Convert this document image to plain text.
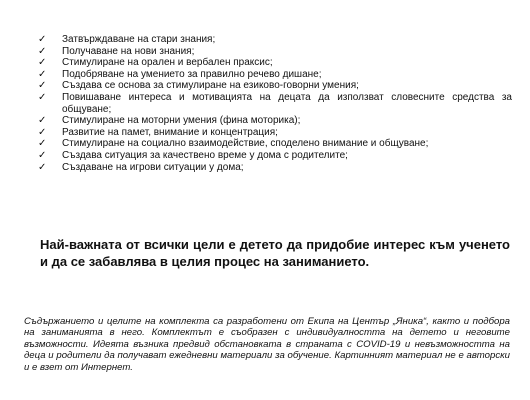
✓ Затвърждаване на стари знания;
✓ Получаване на нови знания;
✓ Стимулиране на орален и вербален праксис;
✓ Подобряване на умението за правилно речево дишане;
✓ Създава се основа за стимулиране на езиково-говорни умения;
✓ Повишаване интереса и мотивацията на децата да използват словесните средства за общуване;
✓ Стимулиране на моторни умения (фина моторика);
✓ Развитие на памет, внимание и концентрация;
✓ Стимулиране на социално взаимодействие, споделено внимание и общуване;
✓ Създава ситуация за качествено време у дома с родителите;
✓ Създаване на игрови ситуации у дома;

Най-важната от всички цели е детето да придобие интерес към ученето и да се забавлява в целия процес на заниманието.

Съдържанието и целите на комплекта са разработени от Екипа на Център „Яника“, както и подбора на заниманията в него. Комплектът е съобразен с индивидуалността на детето и неговите възможности. Идеята възника предвид обстановката в страната с COVID-19 и невъзможността на деца и родители да получават ежедневни материали за обучение. Картинният материал не е авторски и е взет от Интернет.
